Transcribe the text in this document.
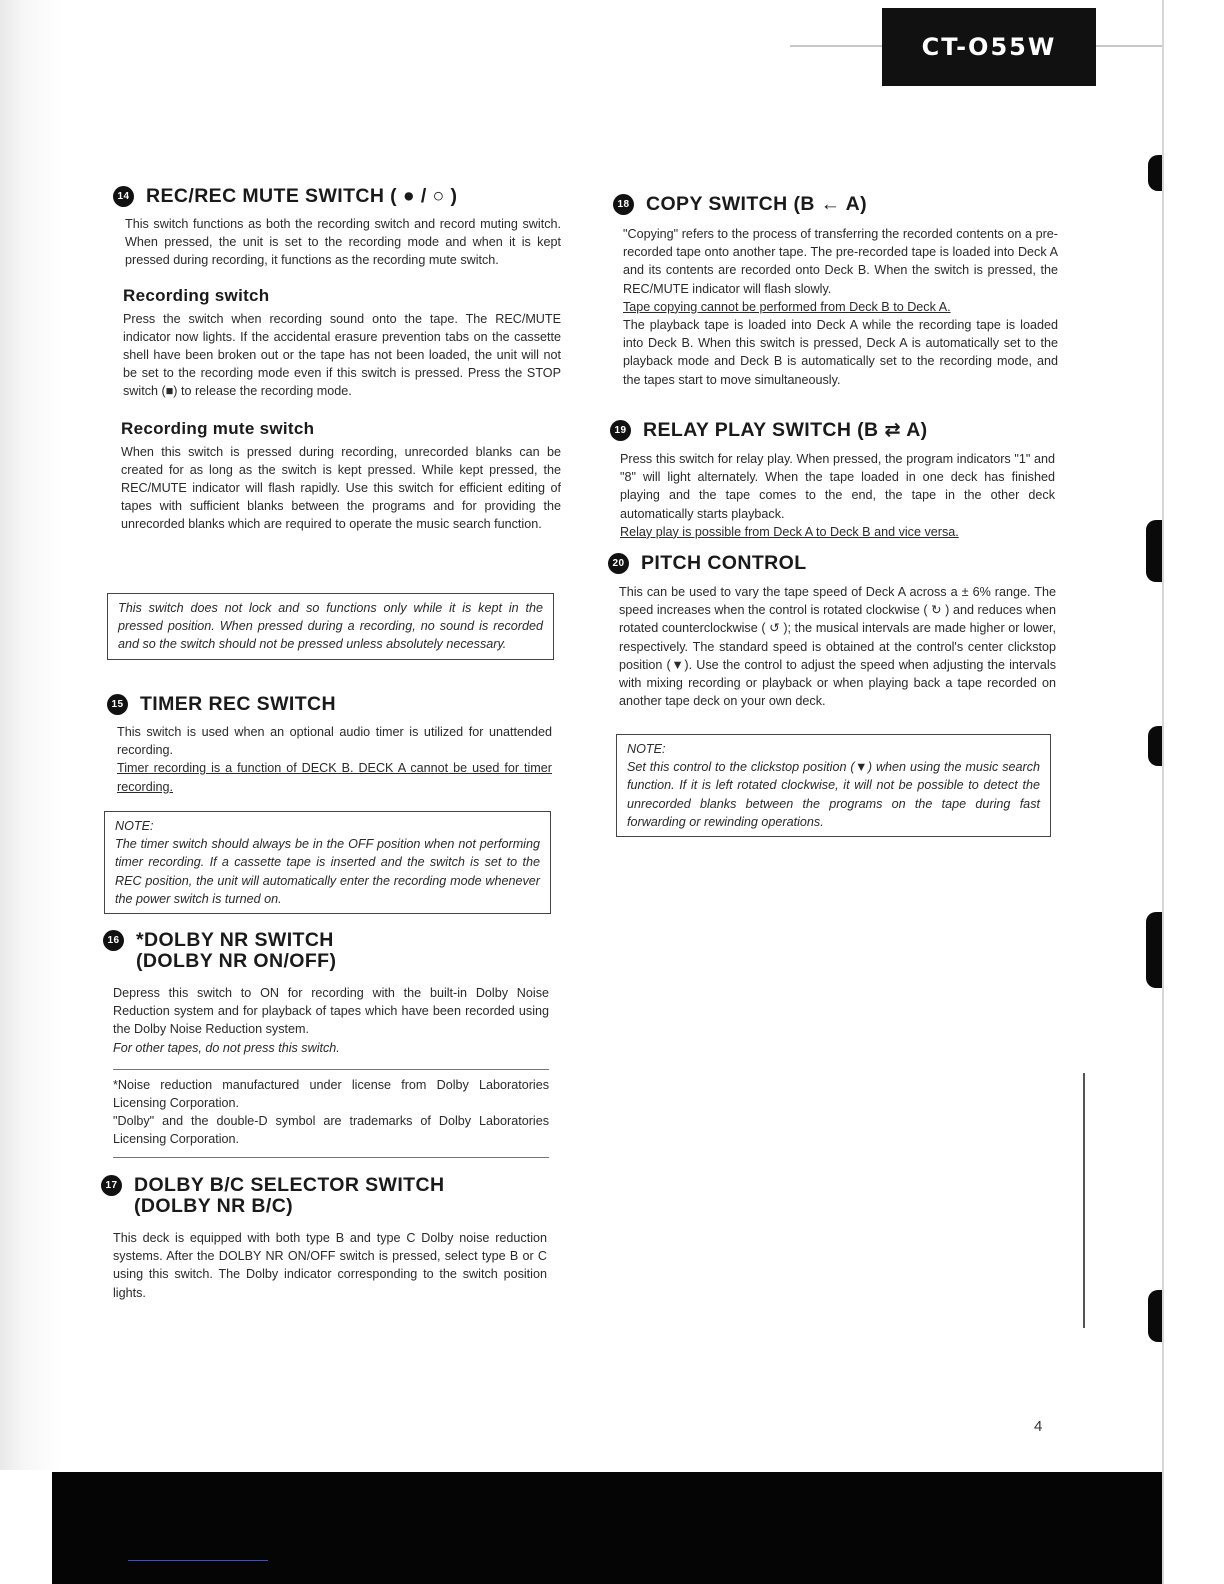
CT-O55W
14 REC/REC MUTE SWITCH ( ● / ○ )

This switch functions as both the recording switch and record muting switch. When pressed, the unit is set to the recording mode and when it is kept pressed during recording, it functions as the recording mute switch.

Recording switch

Press the switch when recording sound onto the tape. The REC/MUTE indicator now lights. If the accidental erasure prevention tabs on the cassette shell have been broken out or the tape has not been loaded, the unit will not be set to the recording mode even if this switch is pressed. Press the STOP switch (■) to release the recording mode.

Recording mute switch

When this switch is pressed during recording, unrecorded blanks can be created for as long as the switch is kept pressed. While kept pressed, the REC/MUTE indicator will flash rapidly. Use this switch for efficient editing of tapes with sufficient blanks between the programs and for providing the unrecorded blanks which are required to operate the music search function.

This switch does not lock and so functions only while it is kept in the pressed position. When pressed during a recording, no sound is recorded and so the switch should not be pressed unless absolutely necessary.

15 TIMER REC SWITCH

This switch is used when an optional audio timer is utilized for unattended recording.

Timer recording is a function of DECK B. DECK A cannot be used for timer recording.

NOTE:

The timer switch should always be in the OFF position when not performing timer recording. If a cassette tape is inserted and the switch is set to the REC position, the unit will automatically enter the recording mode whenever the power switch is turned on.

16 *DOLBY NR SWITCH
(DOLBY NR ON/OFF)

Depress this switch to ON for recording with the built-in Dolby Noise Reduction system and for playback of tapes which have been recorded using the Dolby Noise Reduction system.

For other tapes, do not press this switch.

*Noise reduction manufactured under license from Dolby Laboratories Licensing Corporation.

"Dolby" and the double-D symbol are trademarks of Dolby Laboratories Licensing Corporation.

17 DOLBY B/C SELECTOR SWITCH
(DOLBY NR B/C)

This deck is equipped with both type B and type C Dolby noise reduction systems. After the DOLBY NR ON/OFF switch is pressed, select type B or C using this switch. The Dolby indicator corresponding to the switch position lights.

18 COPY SWITCH (B ← A)

"Copying" refers to the process of transferring the recorded contents on a pre-recorded tape onto another tape. The pre-recorded tape is loaded into Deck A and its contents are recorded onto Deck B. When the switch is pressed, the REC/MUTE indicator will flash slowly.

Tape copying cannot be performed from Deck B to Deck A.

The playback tape is loaded into Deck A while the recording tape is loaded into Deck B. When this switch is pressed, Deck A is automatically set to the playback mode and Deck B is automatically set to the recording mode, and the tapes start to move simultaneously.

19 RELAY PLAY SWITCH (B ⇄ A)

Press this switch for relay play. When pressed, the program indicators "1" and "8" will light alternately. When the tape loaded in one deck has finished playing and the tape comes to the end, the tape in the other deck automatically starts playback.

Relay play is possible from Deck A to Deck B and vice versa.

20 PITCH CONTROL

This can be used to vary the tape speed of Deck A across a ± 6% range. The speed increases when the control is rotated clockwise ( ↻ ) and reduces when rotated counterclockwise ( ↺ ); the musical intervals are made higher or lower, respectively. The standard speed is obtained at the control's center clickstop position (▼). Use the control to adjust the speed when adjusting the intervals with mixing recording or playback or when playing back a tape recorded on another tape deck on your own deck.

NOTE:

Set this control to the clickstop position (▼) when using the music search function. If it is left rotated clockwise, it will not be possible to detect the unrecorded blanks between the programs on the tape during fast forwarding or rewinding operations.

4
